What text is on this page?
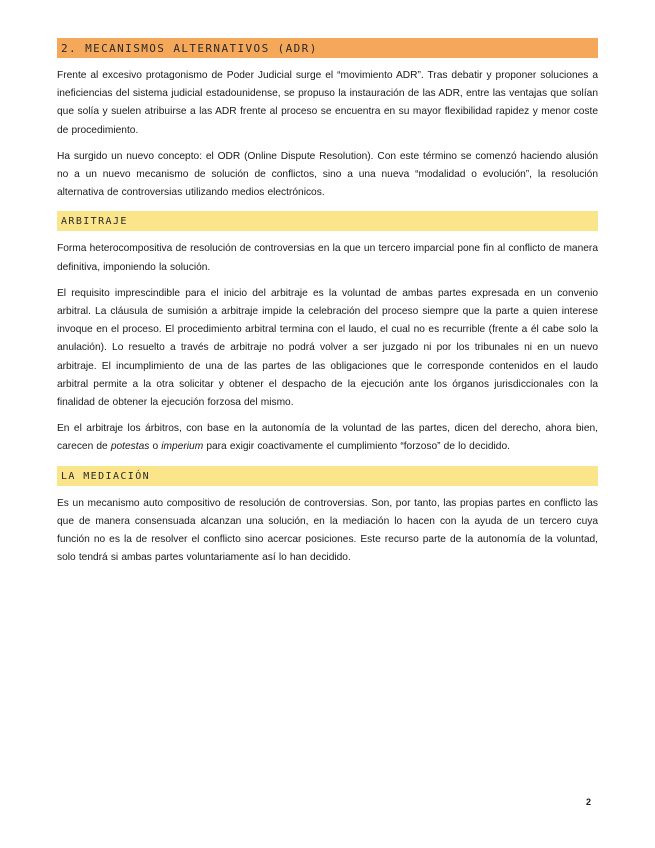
2. MECANISMOS ALTERNATIVOS (ADR)

Frente al excesivo protagonismo de Poder Judicial surge el “movimiento ADR”. Tras debatir y proponer soluciones a ineficiencias del sistema judicial estadounidense, se propuso la instauración de las ADR, entre las ventajas que solían que solía y suelen atribuirse a las ADR frente al proceso se encuentra en su mayor flexibilidad rapidez y menor coste de procedimiento.

Ha surgido un nuevo concepto: el ODR (Online Dispute Resolution). Con este término se comenzó haciendo alusión no a un nuevo mecanismo de solución de conflictos, sino a una nueva “modalidad o evolución”, la resolución alternativa de controversias utilizando medios electrónicos.

ARBITRAJE

Forma heterocompositiva de resolución de controversias en la que un tercero imparcial pone fin al conflicto de manera definitiva, imponiendo la solución.

El requisito imprescindible para el inicio del arbitraje es la voluntad de ambas partes expresada en un convenio arbitral. La cláusula de sumisión a arbitraje impide la celebración del proceso siempre que la parte a quien interese invoque en el proceso. El procedimiento arbitral termina con el laudo, el cual no es recurrible (frente a él cabe solo la anulación). Lo resuelto a través de arbitraje no podrá volver a ser juzgado ni por los tribunales ni en un nuevo arbitraje. El incumplimiento de una de las partes de las obligaciones que le corresponde contenidos en el laudo arbitral permite a la otra solicitar y obtener el despacho de la ejecución ante los órganos jurisdiccionales con la finalidad de obtener la ejecución forzosa del mismo.

En el arbitraje los árbitros, con base en la autonomía de la voluntad de las partes, dicen del derecho, ahora bien, carecen de potestas o imperium para exigir coactivamente el cumplimiento “forzoso” de lo decidido.

LA MEDIACIÓN

Es un mecanismo auto compositivo de resolución de controversias. Son, por tanto, las propias partes en conflicto las que de manera consensuada alcanzan una solución, en la mediación lo hacen con la ayuda de un tercero cuya función no es la de resolver el conflicto sino acercar posiciones. Este recurso parte de la autonomía de la voluntad, solo tendrá si ambas partes voluntariamente así lo han decidido.

2
